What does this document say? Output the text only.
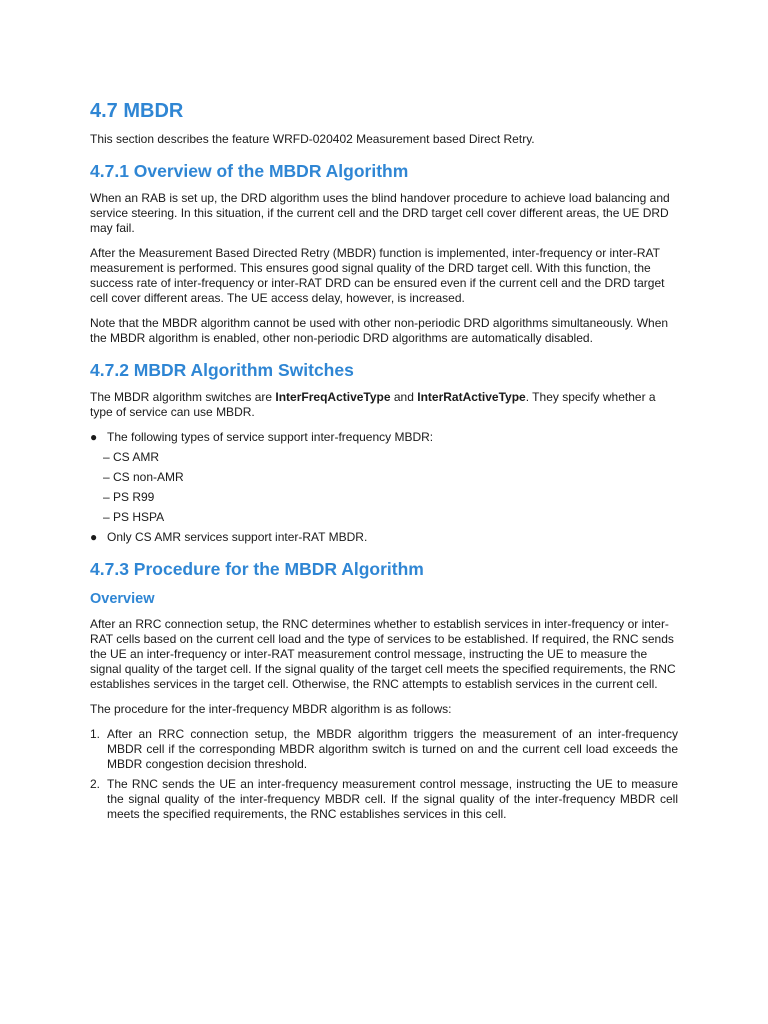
4.7 MBDR

This section describes the feature WRFD-020402 Measurement based Direct Retry.

4.7.1 Overview of the MBDR Algorithm

When an RAB is set up, the DRD algorithm uses the blind handover procedure to achieve load balancing and service steering. In this situation, if the current cell and the DRD target cell cover different areas, the UE DRD may fail.

After the Measurement Based Directed Retry (MBDR) function is implemented, inter-frequency or inter-RAT measurement is performed. This ensures good signal quality of the DRD target cell. With this function, the success rate of inter-frequency or inter-RAT DRD can be ensured even if the current cell and the DRD target cell cover different areas. The UE access delay, however, is increased.

Note that the MBDR algorithm cannot be used with other non-periodic DRD algorithms simultaneously. When the MBDR algorithm is enabled, other non-periodic DRD algorithms are automatically disabled.

4.7.2 MBDR Algorithm Switches

The MBDR algorithm switches are InterFreqActiveType and InterRatActiveType. They specify whether a type of service can use MBDR.

● The following types of service support inter-frequency MBDR:
– CS AMR
– CS non-AMR
– PS R99
– PS HSPA
● Only CS AMR services support inter-RAT MBDR.
4.7.3 Procedure for the MBDR Algorithm
Overview

After an RRC connection setup, the RNC determines whether to establish services in inter-frequency or inter-RAT cells based on the current cell load and the type of services to be established. If required, the RNC sends the UE an inter-frequency or inter-RAT measurement control message, instructing the UE to measure the signal quality of the target cell. If the signal quality of the target cell meets the specified requirements, the RNC establishes services in the target cell. Otherwise, the RNC attempts to establish services in the current cell.

The procedure for the inter-frequency MBDR algorithm is as follows:

1. After an RRC connection setup, the MBDR algorithm triggers the measurement of an inter-frequency MBDR cell if the corresponding MBDR algorithm switch is turned on and the current cell load exceeds the MBDR congestion decision threshold.
2. The RNC sends the UE an inter-frequency measurement control message, instructing the UE to measure the signal quality of the inter-frequency MBDR cell. If the signal quality of the inter-frequency MBDR cell meets the specified requirements, the RNC establishes services in this cell.
